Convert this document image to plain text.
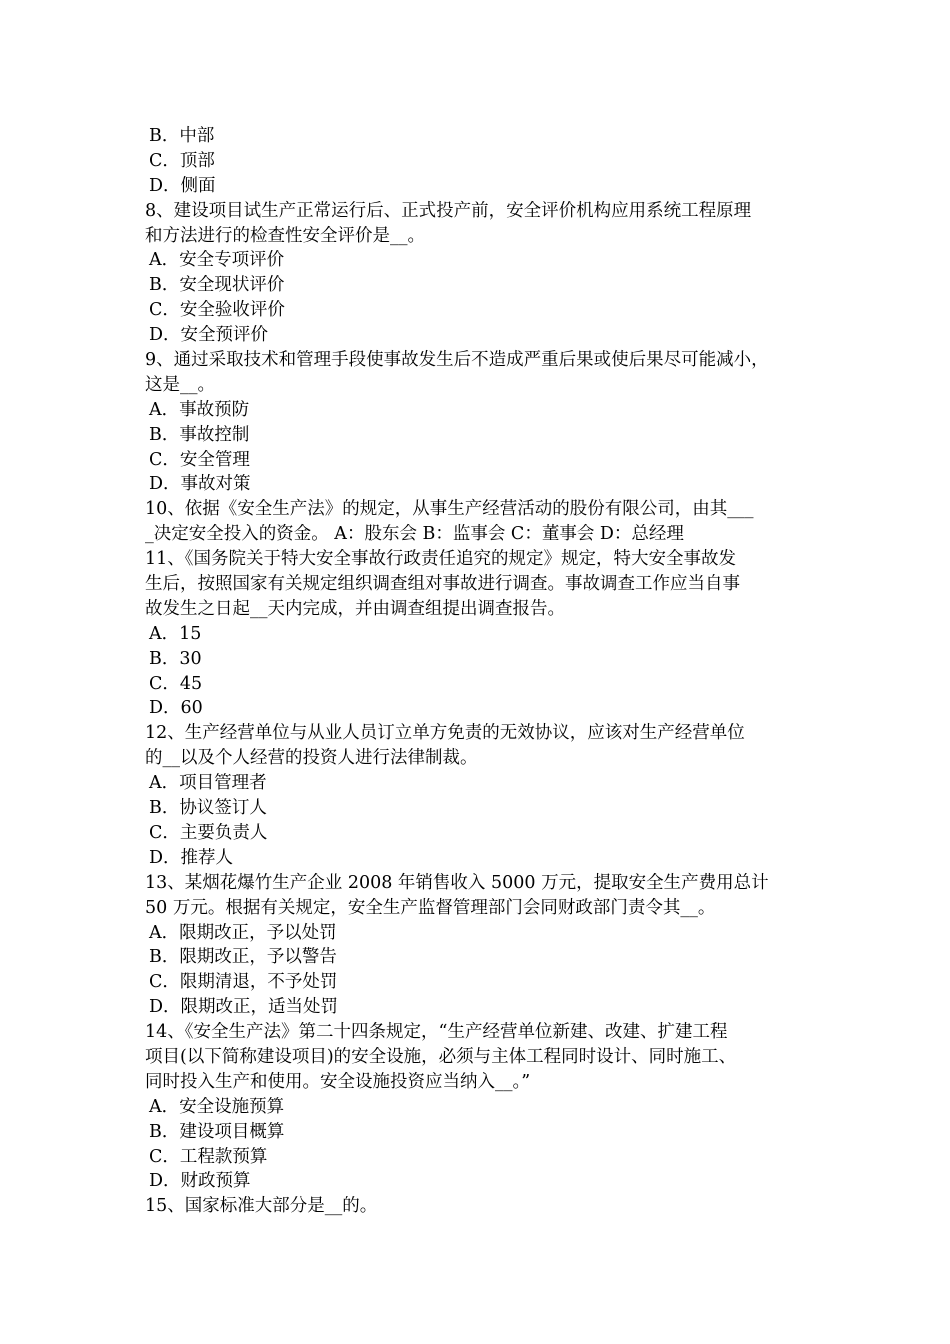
B．中部
C．顶部
D．侧面
8、建设项目试生产正常运行后、正式投产前，安全评价机构应用系统工程原理
和方法进行的检查性安全评价是__。
A．安全专项评价
B．安全现状评价
C．安全验收评价
D．安全预评价
9、通过采取技术和管理手段使事故发生后不造成严重后果或使后果尽可能减小，
这是__。
A．事故预防
B．事故控制
C．安全管理
D．事故对策
10、依据《安全生产法》的规定，从事生产经营活动的股份有限公司，由其___
_决定安全投入的资金。 A：股东会 B：监事会 C：董事会 D：总经理
11、《国务院关于特大安全事故行政责任追究的规定》规定，特大安全事故发
生后，按照国家有关规定组织调查组对事故进行调查。事故调查工作应当自事
故发生之日起__天内完成，并由调查组提出调查报告。
A．15
B．30
C．45
D．60
12、生产经营单位与从业人员订立单方免责的无效协议，应该对生产经营单位
的__以及个人经营的投资人进行法律制裁。
A．项目管理者
B．协议签订人
C．主要负责人
D．推荐人
13、某烟花爆竹生产企业 2008 年销售收入 5000 万元，提取安全生产费用总计
50 万元。根据有关规定，安全生产监督管理部门会同财政部门责令其__。
A．限期改正，予以处罚
B．限期改正，予以警告
C．限期清退，不予处罚
D．限期改正，适当处罚
14、《安全生产法》第二十四条规定，“生产经营单位新建、改建、扩建工程
项目(以下简称建设项目)的安全设施，必须与主体工程同时设计、同时施工、
同时投入生产和使用。安全设施投资应当纳入__。”
A．安全设施预算
B．建设项目概算
C．工程款预算
D．财政预算
15、国家标准大部分是__的。
